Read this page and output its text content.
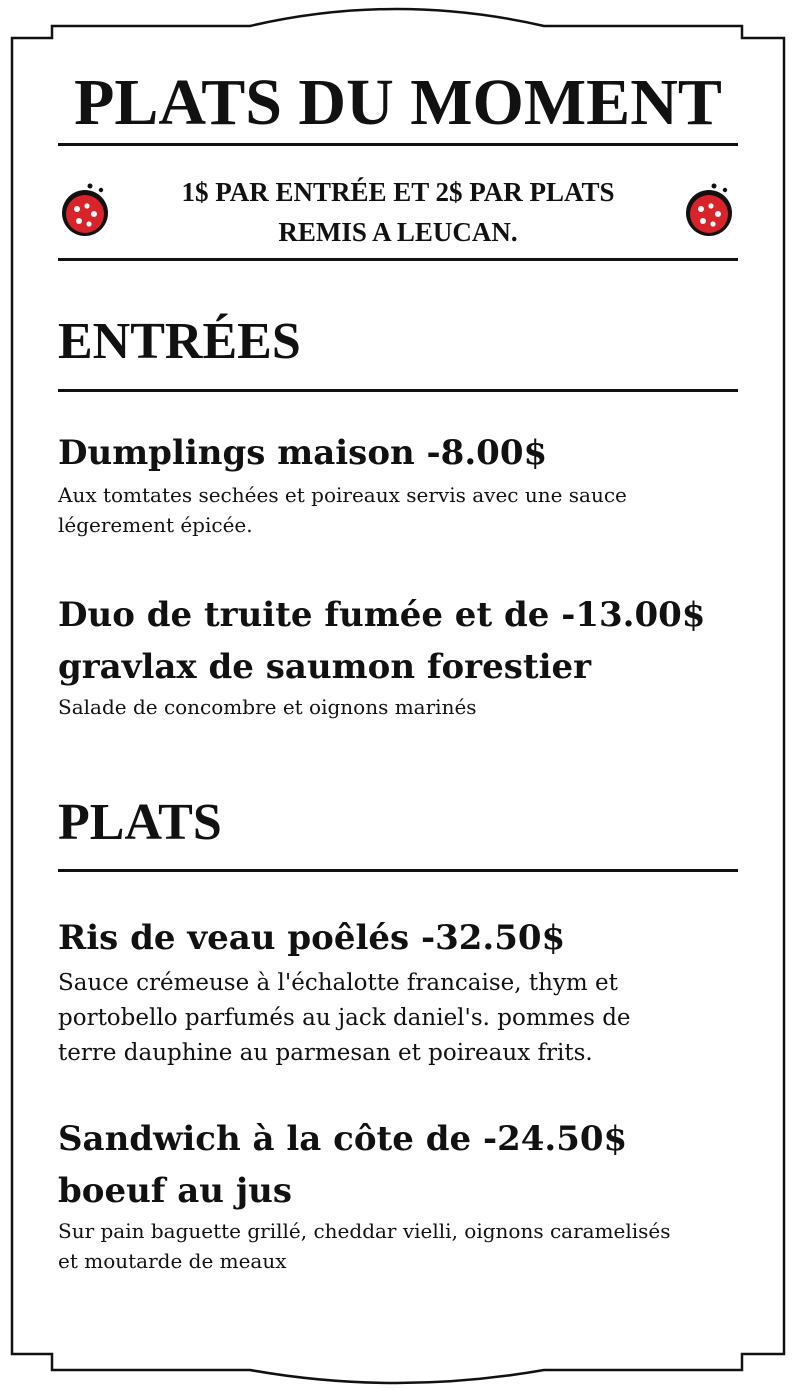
PLATS DU MOMENT
1$ PAR ENTRÉE ET 2$ PAR PLATS
REMIS A LEUCAN.
ENTRÉES
Dumplings maison -8.00$
Aux tomtates sechées et poireaux servis avec une sauce
légerement épicée.
Duo de truite fumée et de -13.00$
gravlax de saumon forestier
Salade de concombre et oignons marinés
PLATS
Ris de veau poêlés -32.50$
Sauce crémeuse à l'échalotte francaise, thym et
portobello parfumés au jack daniel's. pommes de
terre dauphine au parmesan et poireaux frits.
Sandwich à la côte de -24.50$
boeuf au jus
Sur pain baguette grillé, cheddar vielli, oignons caramelisés
et moutarde de meaux
